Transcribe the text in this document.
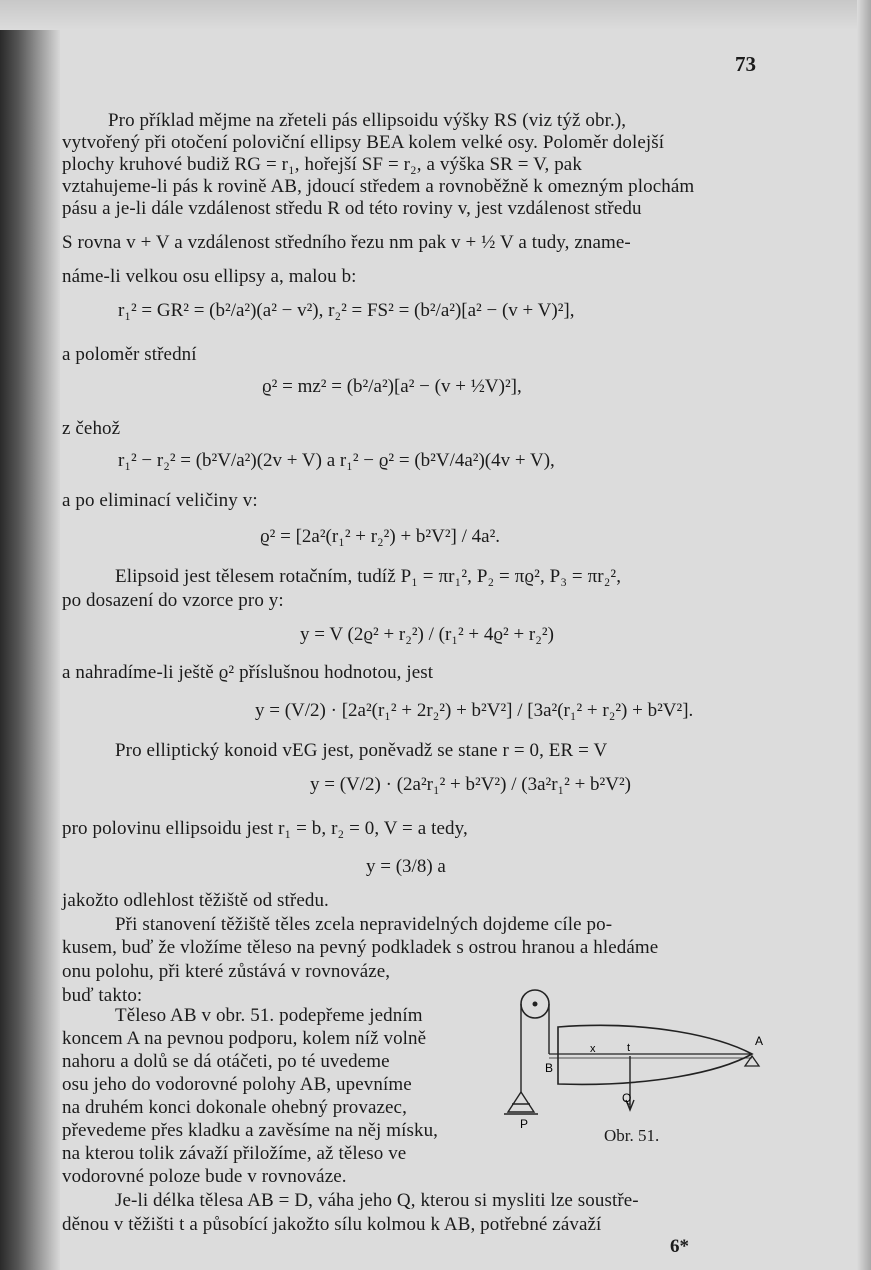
73
Pro příklad mějme na zřeteli pás ellipsoidu výšky RS (viz týž obr.),
vytvořený při otočení poloviční ellipsy BEA kolem velké osy. Poloměr dolejší
plochy kruhové budiž RG = r₁, hořejší SF = r₂, a výška SR = V, pak
vztahujeme-li pás k rovině AB, jdoucí středem a rovnoběžně k omezným plochám
pásu a je-li dále vzdálenost středu R od této roviny v, jest vzdálenost středu
S rovna v + V a vzdálenost středního řezu nm pak v + ½ V a tudy, zname-
náme-li velkou osu ellipsy a, malou b:
r₁² = GR² = (b²/a²)(a² − v²), r₂² = FS² = (b²/a²)[a² − (v + V)²],
a poloměr střední
ϱ² = mz² = (b²/a²)[a² − (v + ½V)²],
z čehož
r₁² − r₂² = (b²V/a²)(2v + V) a r₁² − ϱ² = (b²V/4a²)(4v + V),
a po eliminací veličiny v:
ϱ² = [2a²(r₁² + r₂²) + b²V²] / 4a².
Elipsoid jest tělesem rotačním, tudíž P₁ = πr₁², P₂ = πϱ², P₃ = πr₂²,
po dosazení do vzorce pro y:
y = V (2ϱ² + r₂²) / (r₁² + 4ϱ² + r₂²)
a nahradíme-li ještě ϱ² příslušnou hodnotou, jest
y = (V/2) · [2a²(r₁² + 2r₂²) + b²V²] / [3a²(r₁² + r₂²) + b²V²].
Pro elliptický konoid vEG jest, poněvadž se stane r = 0, ER = V
y = (V/2) · (2a²r₁² + b²V²) / (3a²r₁² + b²V²)
pro polovinu ellipsoidu jest r₁ = b, r₂ = 0, V = a tedy,
y = (3/8) a
jakožto odlehlost těžiště od středu.
Při stanovení těžiště těles zcela nepravidelných dojdeme cíle po-
kusem, buď že vložíme těleso na pevný podkladek s ostrou hranou a hledáme
onu polohu, při které zůstává v rovnováze,
buď takto:
Těleso AB v obr. 51. podepřeme jedním
koncem A na pevnou podporu, kolem níž volně
nahoru a dolů se dá otáčeti, po té uvedeme
osu jeho do vodorovné polohy AB, upevníme
na druhém konci dokonale ohebný provazec,
převedeme přes kladku a zavěsíme na něj mísku,
na kterou tolik závaží přiložíme, až těleso ve
vodorovné poloze bude v rovnováze.
Je-li délka tělesa AB = D, váha jeho Q, kterou si mysliti lze soustře-
děnou v těžišti t a působící jakožto sílu kolmou k AB, potřebné závaží
A
B
P
Q
x	t
Obr. 51.
6*
